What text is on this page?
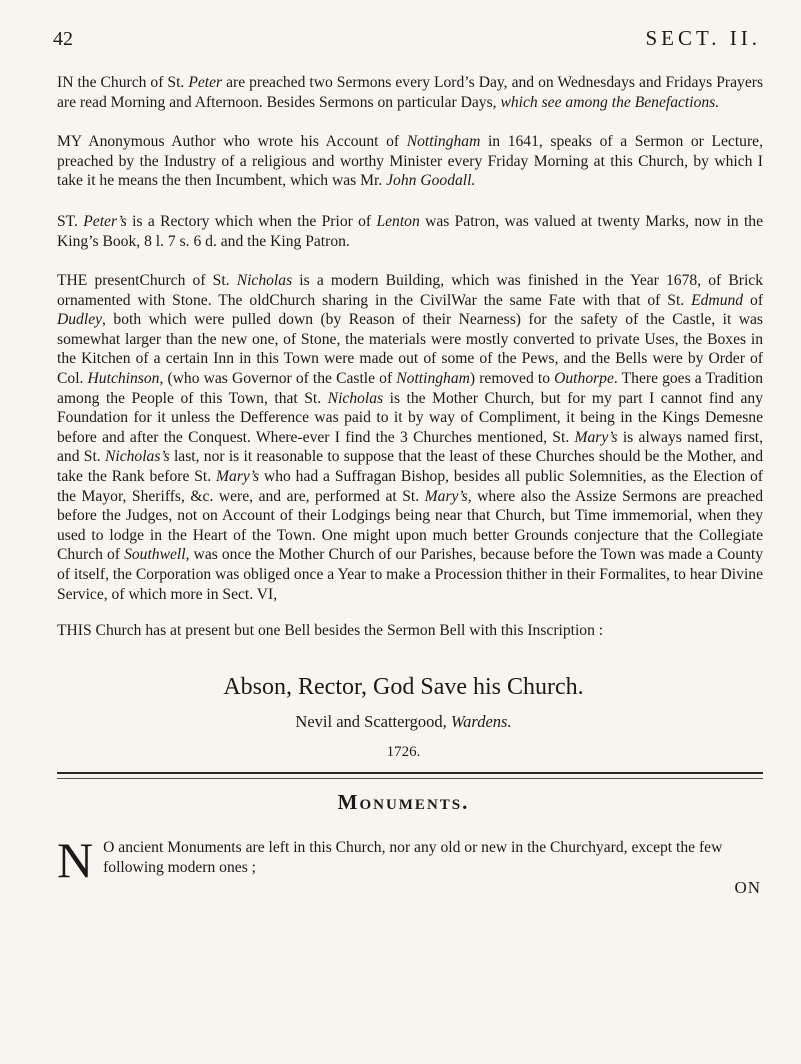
42	SECT. II.

IN the Church of St. Peter are preached two Sermons every Lord’s Day, and on Wednesdays and Fridays Prayers are read Morning and Afternoon. Besides Sermons on particular Days, which see among the Benefactions.

MY Anonymous Author who wrote his Account of Nottingham in 1641, speaks of a Sermon or Lecture, preached by the Industry of a religious and worthy Minister every Friday Morning at this Church, by which I take it he means the then Incumbent, which was Mr. John Goodall.

ST. Peter’s is a Rectory which when the Prior of Lenton was Patron, was valued at twenty Marks, now in the King’s Book, 8 l. 7 s. 6 d. and the King Patron.

THE presentChurch of St. Nicholas is a modern Building, which was finished in the Year 1678, of Brick ornamented with Stone. The oldChurch sharing in the CivilWar the same Fate with that of St. Edmund of Dudley, both which were pulled down (by Reason of their Nearness) for the safety of the Castle, it was somewhat larger than the new one, of Stone, the materials were mostly converted to private Uses, the Boxes in the Kitchen of a certain Inn in this Town were made out of some of the Pews, and the Bells were by Order of Col. Hutchinson, (who was Governor of the Castle of Nottingham) removed to Outhorpe. There goes a Tradition among the People of this Town, that St. Nicholas is the Mother Church, but for my part I cannot find any Foundation for it unless the Defference was paid to it by way of Compliment, it being in the Kings Demesne before and after the Conquest. Where-ever I find the 3 Churches mentioned, St. Mary’s is always named first, and St. Nicholas’s last, nor is it reasonable to suppose that the least of these Churches should be the Mother, and take the Rank before St. Mary’s who had a Suffragan Bishop, besides all public Solemnities, as the Election of the Mayor, Sheriffs, &c. were, and are, performed at St. Mary’s, where also the Assize Sermons are preached before the Judges, not on Account of their Lodgings being near that Church, but Time immemorial, when they used to lodge in the Heart of the Town. One might upon much better Grounds conjecture that the Collegiate Church of Southwell, was once the Mother Church of our Parishes, because before the Town was made a County of itself, the Corporation was obliged once a Year to make a Procession thither in their Formalites, to hear Divine Service, of which more in Sect. VI,

THIS Church has at present but one Bell besides the Sermon Bell with this Inscription :

Abson, Rector, God Save his Church.

Nevil and Scattergood, Wardens.

1726.

Monuments.

N O ancient Monuments are left in this Church, nor any old or new in the Churchyard, except the few following modern ones ;

ON
